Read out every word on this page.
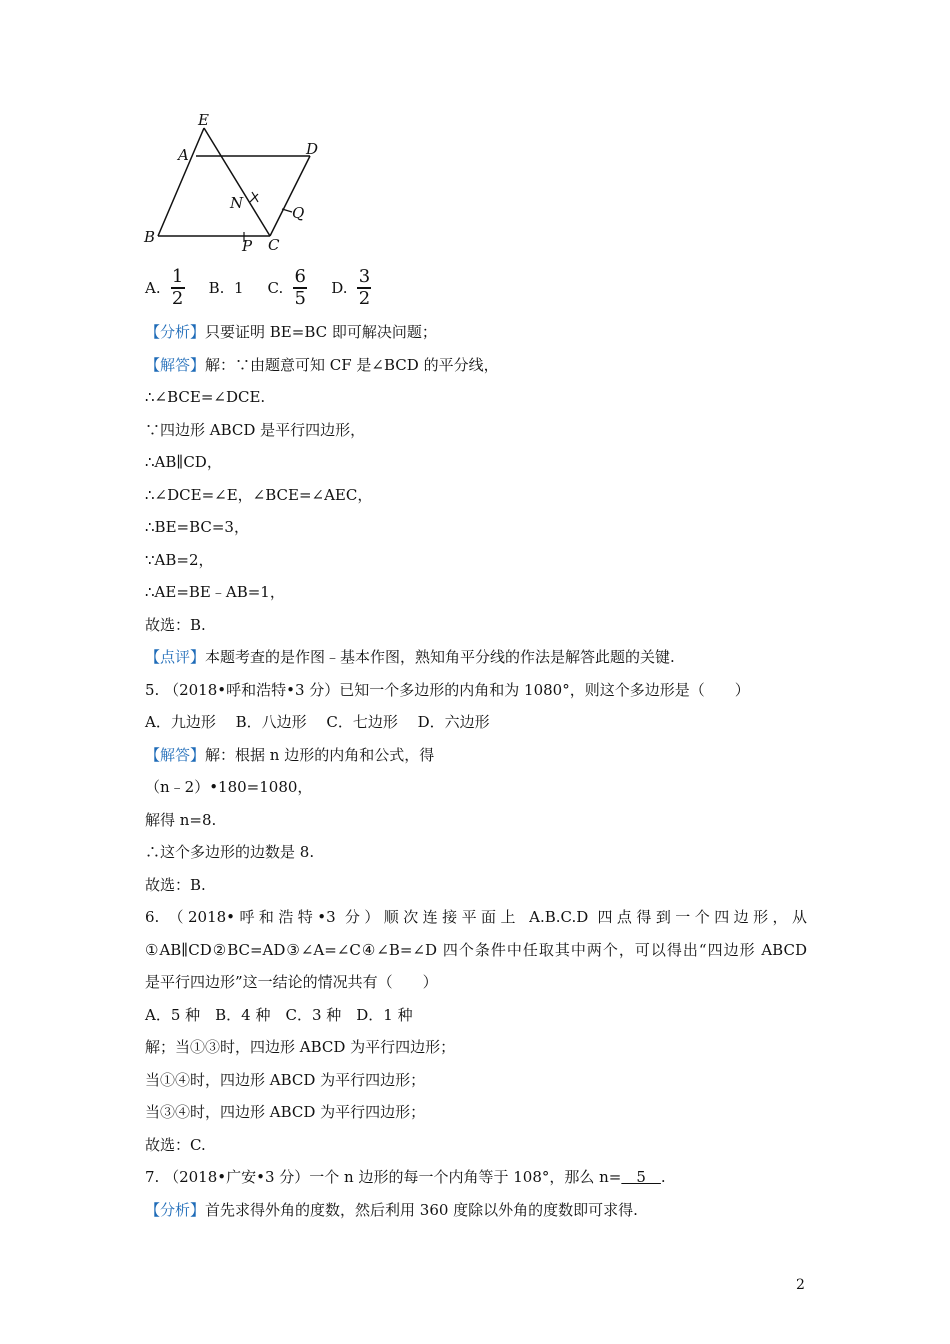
E
A	D
N
Q
B	P C
A. $\frac{1}{2} B$.
1 C. $\frac{6}{5} D$. $\frac{3}{2}$
【分析】只要证明 BE=BC 即可解决问题；
【解答】解：∵由题意可知 CF 是∠BCD 的平分线，
∴∠BCE=∠DCE.
∵四边形 ABCD 是平行四边形，
∴AB∥CD，
∴∠DCE=∠E，∠BCE=∠AEC，
∴BE=BC=3，
∵AB=2，
∴AE=BE﹣AB=1，
故选：B.
【点评】本题考查的是作图﹣基本作图，熟知角平分线的作法是解答此题的关键.
5. （2018•呼和浩特•3 分）已知一个多边形的内角和为 1080°，则这个多边形是（　　）
A．九边形　 B．八边形　 C．七边形　 D．六边形
【解答】解：根据 n 边形的内角和公式，得
（n﹣2）•180=1080，
解得 n=8.
∴这个多边形的边数是 8.
故选：B.
6. （2018•呼和浩特•3 分）顺次连接平面上 A.B.C.D 四点得到一个四边形，从
①AB∥CD②BC=AD③∠A=∠C④∠B=∠D 四个条件中任取其中两个，可以得出“四边形 ABCD
是平行四边形”这一结论的情况共有（　　）
A．5 种　B．4 种　C．3 种　D．1 种
解；当①③时，四边形 ABCD 为平行四边形；
当①④时，四边形 ABCD 为平行四边形；
当③④时，四边形 ABCD 为平行四边形；
故选：C.
7. （2018•广安•3 分）一个 n 边形的每一个内角等于 108°，那么 n=　5　.
【分析】首先求得外角的度数，然后利用 360 度除以外角的度数即可求得.
2
